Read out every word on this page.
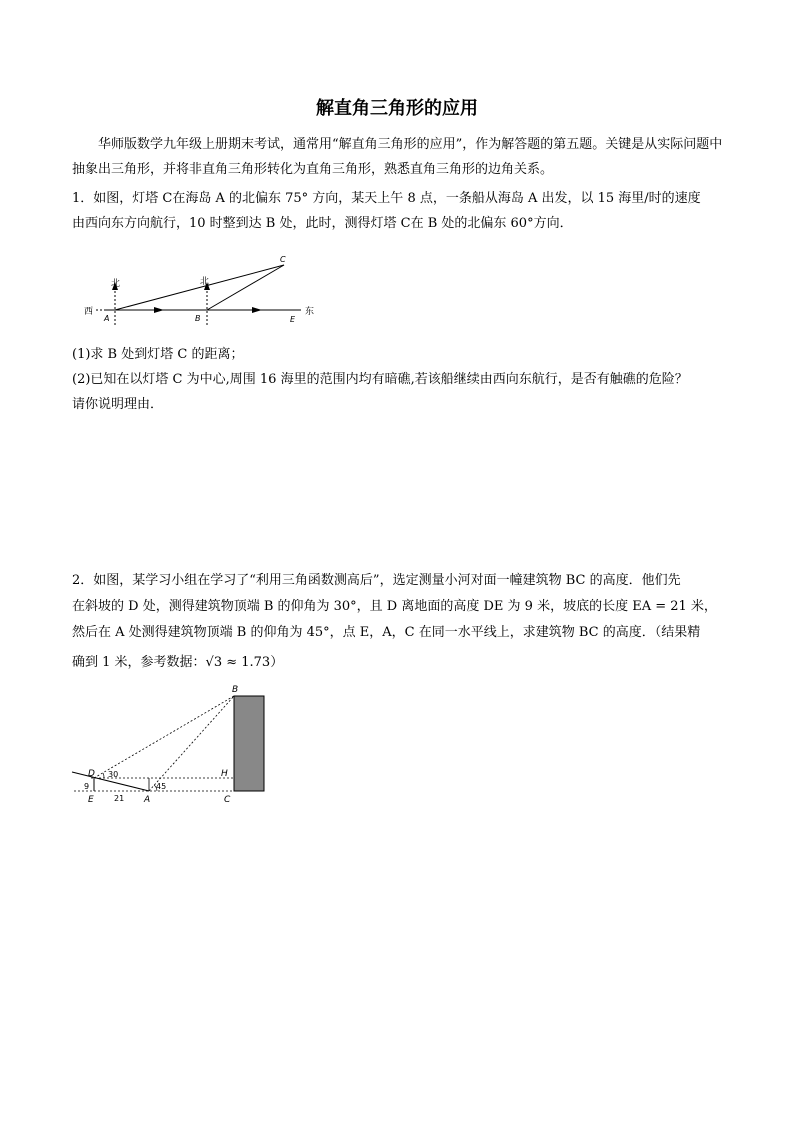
解直角三角形的应用

华师版数学九年级上册期末考试，通常用“解直角三角形的应用”，作为解答题的第五题。关键是从实际问题中抽象出三角形，并将非直角三角形转化为直角三角形，熟悉直角三角形的边角关系。

1．如图，灯塔 C在海岛 A 的北偏东 75° 方向，某天上午 8 点，一条船从海岛 A 出发，以 15 海里/时的速度
由西向东方向航行，10 时整到达 B 处，此时，测得灯塔 C在 B 处的北偏东 60°方向．
西	东
北	北
A	B
C
E
(1)求 B 处到灯塔 C 的距离；
(2)已知在以灯塔 C 为中心,周围 16 海里的范围内均有暗礁,若该船继续由西向东航行，是否有触礁的危险？
请你说明理由．
2．如图，某学习小组在学习了“利用三角函数测高后”，选定测量小河对面一幢建筑物 BC 的高度．他们先
在斜坡的 D 处，测得建筑物顶端 B 的仰角为 30°，且 D 离地面的高度 DE 为 9 米，坡底的长度 EA = 21 米，
然后在 A 处测得建筑物顶端 B 的仰角为 45°，点 E，A，C 在同一水平线上，求建筑物 BC 的高度．（结果精
确到 1 米，参考数据：√3 ≈ 1.73）
B
D	H
E	A	C
30
45
9
21
